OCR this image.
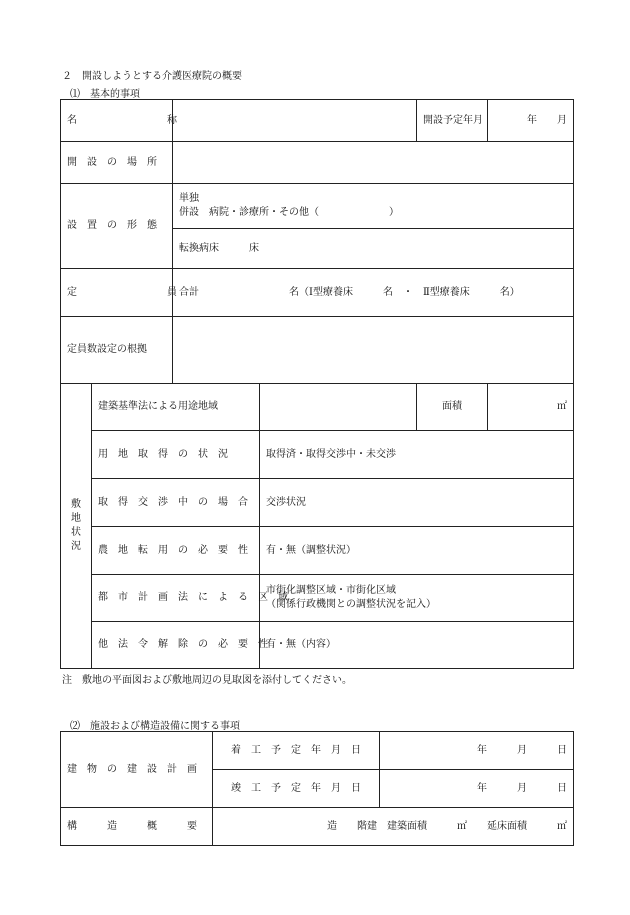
２　開設しようとする介護医療院の概要
⑴　基本的事項
名　　　　　　　　　称				開設予定年月	年　　月
開　設　の　場　所					
設　置　の　形　態		単独
併設　病院・診療所・その他（　　　　　　　）			

		転換病床　　　床			
定　　　　　　　　　員		合計　　　　　　　　　名（Ⅰ型療養床　　　名　・　Ⅱ型療養床　　　名）			
定員数設定の根拠					

敷
地
状
況	建築基準法による用途地域			面積	㎡
	用　地　取　得　の　状　況		取得済・取得交渉中・未交渉		
	取　得　交　渉　中　の　場　合		交渉状況		
	農　地　転　用　の　必　要　性		有・無（調整状況）		
	都　市　計　画　法　に　よ　る　区　域		市街化調整区域・市街化区域
（関係行政機関との調整状況を記入）		

	他　法　令　解　除　の　必　要　性		有・無（内容）		
注　敷地の平面図および敷地周辺の見取図を添付してください。
⑵　施設および構造設備に関する事項
建　物　の　建　設　計　画	着　工　予　定　年　月　日	年　　　月　　　日
	竣　工　予　定　年　月　日	年　　　月　　　日
構　　　造　　　概　　　要	造　　階建　建築面積　　　㎡　　延床面積　　　㎡	
